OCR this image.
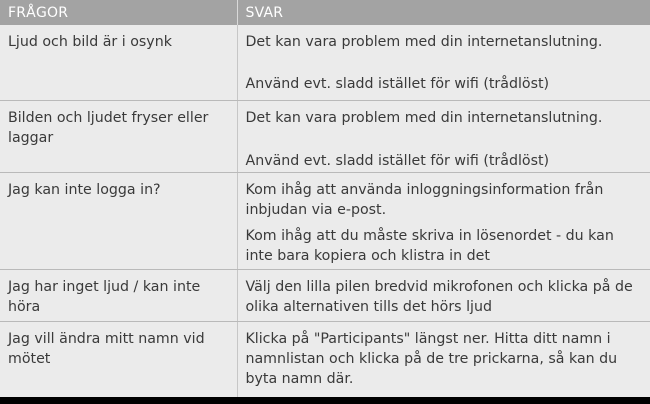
FRÅGOR	SVAR
Ljud och bild är i osynk	Det kan vara problem med din internetanslutning.
Använd evt. sladd istället för wifi (trådlöst)

Bilden och ljudet fryser eller laggar	Det kan vara problem med din internetanslutning.
Använd evt. sladd istället för wifi (trådlöst)

Jag kan inte logga in?	Kom ihåg att använda inloggningsinformation från inbjudan via e-post.
Kom ihåg att du måste skriva in lösenordet - du kan inte bara kopiera och klistra in det

Jag har inget ljud / kan inte höra	Välj den lilla pilen bredvid mikrofonen och klicka på de olika alternativen tills det hörs ljud

Jag vill ändra mitt namn vid mötet	Klicka på "Participants" längst ner. Hitta ditt namn i namnlistan och klicka på de tre prickarna, så kan du byta namn där.
